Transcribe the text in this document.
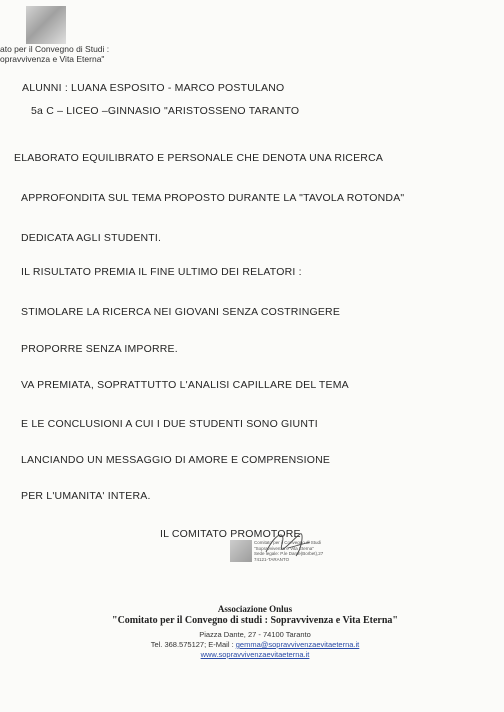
ato per il Convegno di Studi :
opravvivenza e Vita Eterna"
ALUNNI : LUANA ESPOSITO - MARCO POSTULANO
5a C – LICEO –GINNASIO "ARISTOSSENO TARANTO
ELABORATO EQUILIBRATO E PERSONALE CHE DENOTA UNA RICERCA
APPROFONDITA SUL TEMA PROPOSTO DURANTE LA "TAVOLA ROTONDA"
DEDICATA AGLI STUDENTI.
IL RISULTATO PREMIA IL FINE ULTIMO DEI RELATORI :
STIMOLARE LA RICERCA NEI GIOVANI SENZA COSTRINGERE
PROPORRE SENZA IMPORRE.
VA PREMIATA, SOPRATTUTTO L'ANALISI CAPILLARE DEL TEMA
E LE CONCLUSIONI A CUI I DUE STUDENTI SONO GIUNTI
LANCIANDO UN MESSAGGIO DI AMORE E COMPRENSIONE
PER L'UMANITA' INTERA.
IL COMITATO PROMOTORE
Comitato per il Convegno di Studi
"Sopravvivenza e Vita Eterna"
Sede legale: P.le Dante(Borbet),27
74121-TARANTO
Associazione Onlus
"Comitato per il Convegno di studi : Sopravvivenza e Vita Eterna"
Piazza Dante, 27 - 74100 Taranto
Tel. 368.575127; E-Mail : gemma@sopravvivenzaevitaeterna.it
www.sopravvivenzaevitaeterna.it
